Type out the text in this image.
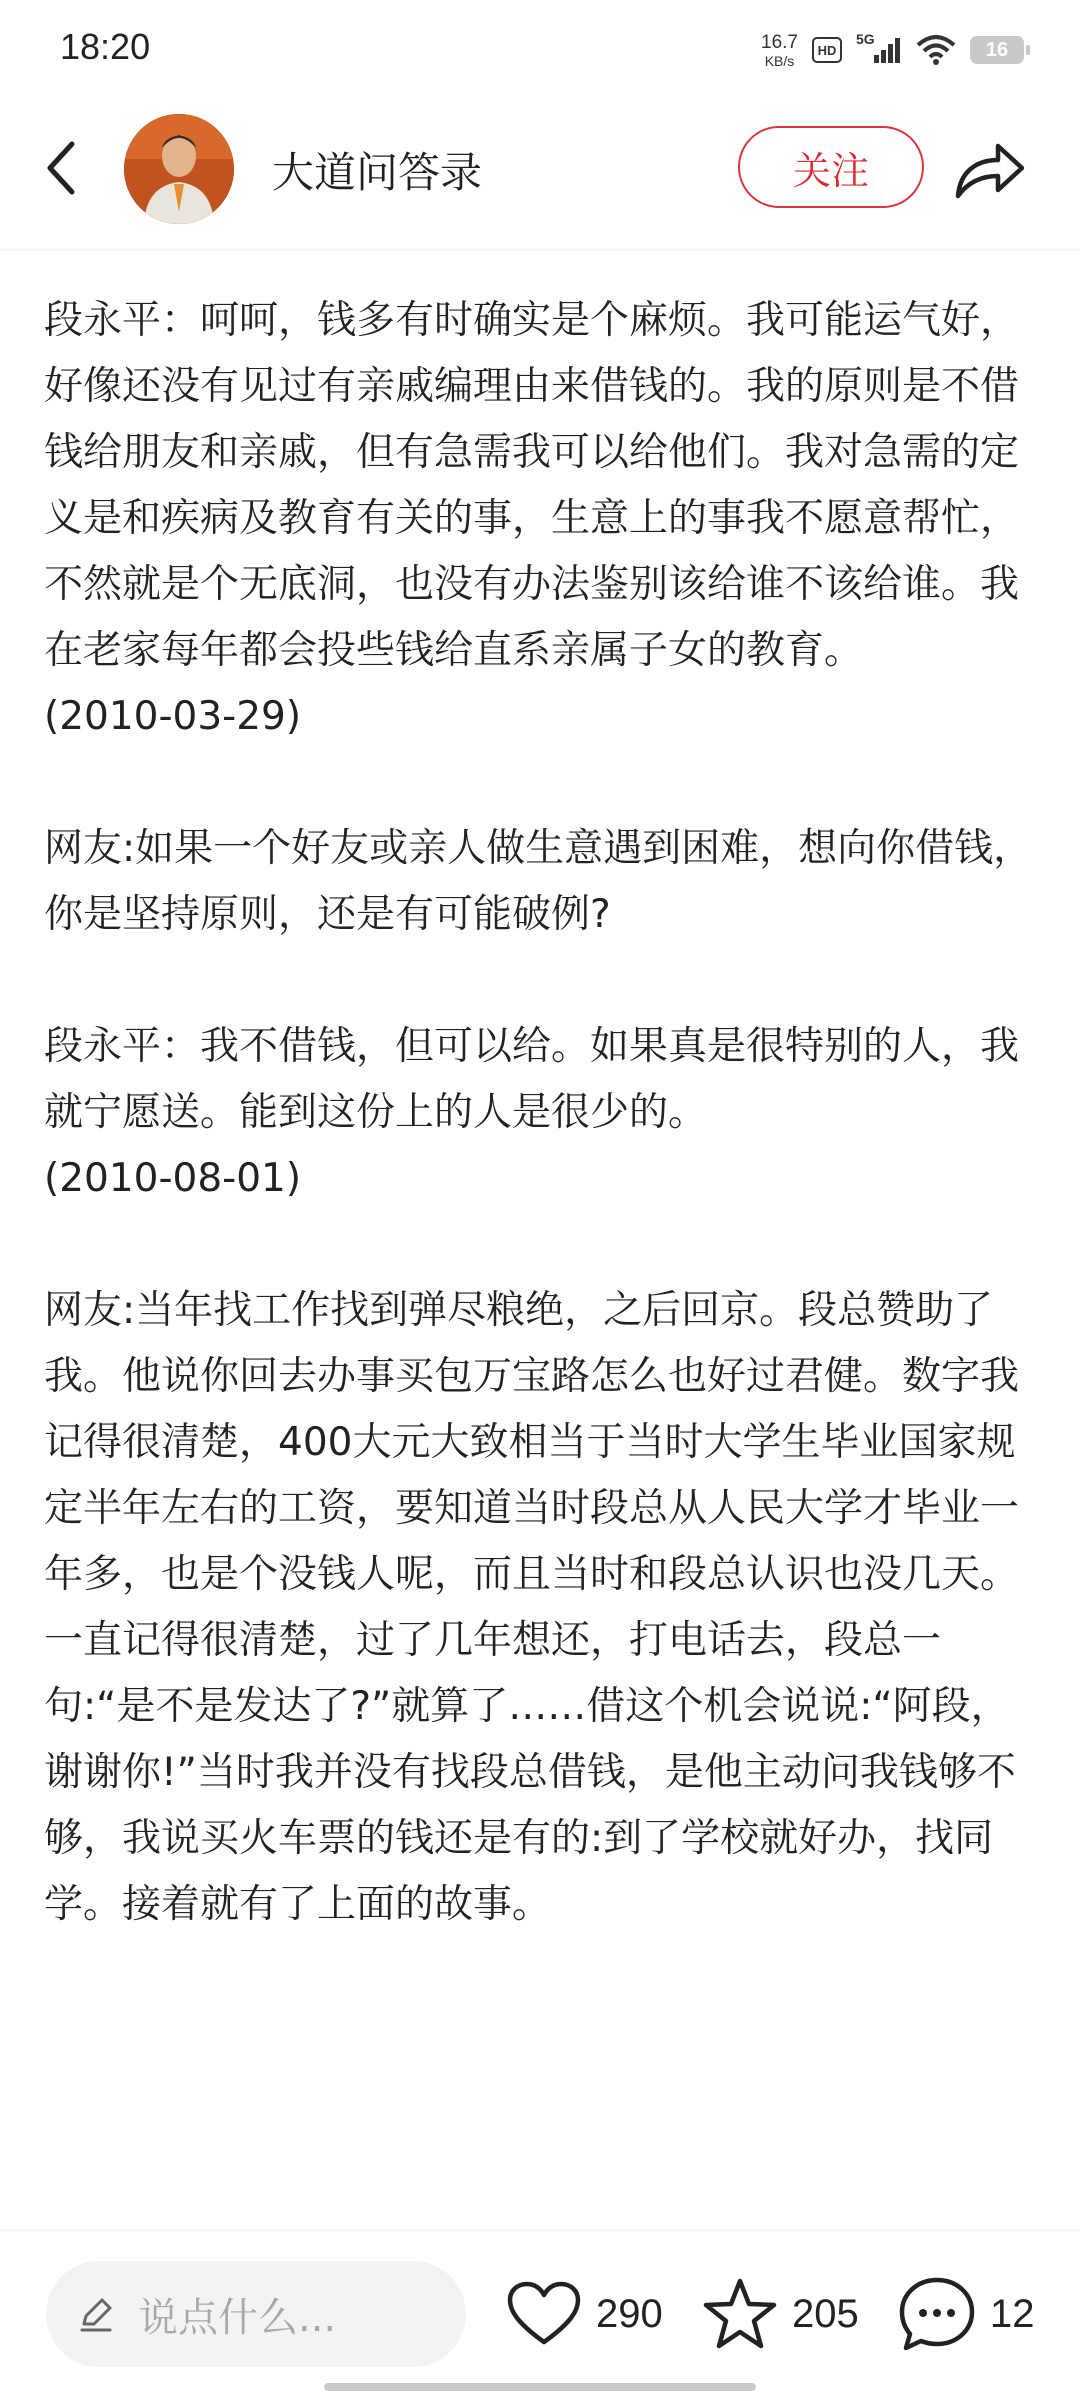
18:20	16.7
KB/s
HD
5G	16
大道问答录	关注

段永平：呵呵，钱多有时确实是个麻烦。我可能运气好，好像还没有见过有亲戚编理由来借钱的。我的原则是不借钱给朋友和亲戚，但有急需我可以给他们。我对急需的定义是和疾病及教育有关的事，生意上的事我不愿意帮忙，不然就是个无底洞，也没有办法鉴别该给谁不该给谁。我在老家每年都会投些钱给直系亲属子女的教育。
(2010-03-29)

网友:如果一个好友或亲人做生意遇到困难，想向你借钱，你是坚持原则，还是有可能破例?

段永平：我不借钱，但可以给。如果真是很特别的人，我就宁愿送。能到这份上的人是很少的。
(2010-08-01)

网友:当年找工作找到弹尽粮绝，之后回京。段总赞助了我。他说你回去办事买包万宝路怎么也好过君健。数字我记得很清楚，400大元大致相当于当时大学生毕业国家规定半年左右的工资，要知道当时段总从人民大学才毕业一年多，也是个没钱人呢，而且当时和段总认识也没几天。一直记得很清楚，过了几年想还，打电话去，段总一句:“是不是发达了?”就算了……借这个机会说说:“阿段，谢谢你!”当时我并没有找段总借钱，是他主动问我钱够不够，我说买火车票的钱还是有的:到了学校就好办，找同学。接着就有了上面的故事。

说点什么...	290	205	12
